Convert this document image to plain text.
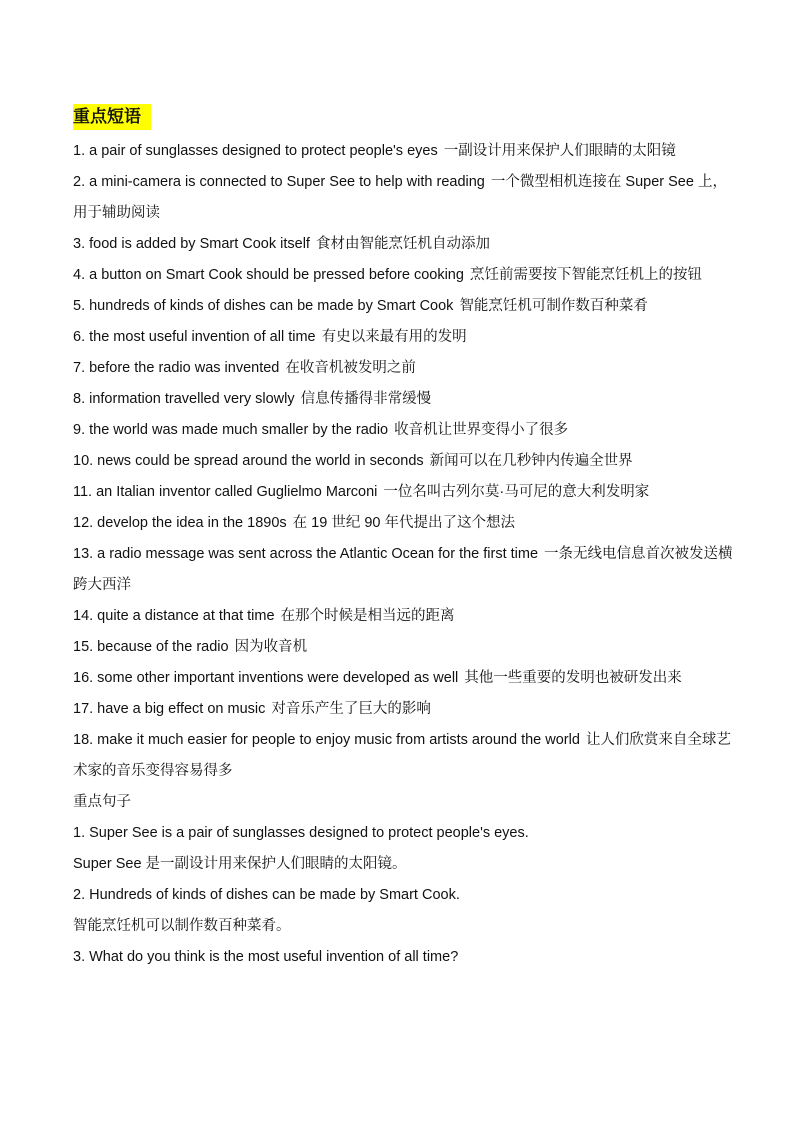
重点短语
1. a pair of sunglasses designed to protect people's eyes 一副设计用来保护人们眼睛的太阳镜
2. a mini-camera is connected to Super See to help with reading 一个微型相机连接在 Super See 上，用于辅助阅读
3. food is added by Smart Cook itself 食材由智能烹饪机自动添加
4. a button on Smart Cook should be pressed before cooking 烹饪前需要按下智能烹饪机上的按钮
5. hundreds of kinds of dishes can be made by Smart Cook 智能烹饪机可制作数百种菜肴
6. the most useful invention of all time 有史以来最有用的发明
7. before the radio was invented 在收音机被发明之前
8. information travelled very slowly 信息传播得非常缓慢
9. the world was made much smaller by the radio 收音机让世界变得小了很多
10. news could be spread around the world in seconds 新闻可以在几秒钟内传遍全世界
11. an Italian inventor called Guglielmo Marconi 一位名叫古列尔莫·马可尼的意大利发明家
12. develop the idea in the 1890s 在 19 世纪 90 年代提出了这个想法
13. a radio message was sent across the Atlantic Ocean for the first time 一条无线电信息首次被发送横跨大西洋
14. quite a distance at that time 在那个时候是相当远的距离
15. because of the radio 因为收音机
16. some other important inventions were developed as well 其他一些重要的发明也被研发出来
17. have a big effect on music 对音乐产生了巨大的影响
18. make it much easier for people to enjoy music from artists around the world 让人们欣赏来自全球艺术家的音乐变得容易得多
重点句子
1. Super See is a pair of sunglasses designed to protect people's eyes.
Super See 是一副设计用来保护人们眼睛的太阳镜。
2. Hundreds of kinds of dishes can be made by Smart Cook.
智能烹饪机可以制作数百种菜肴。
3. What do you think is the most useful invention of all time?
